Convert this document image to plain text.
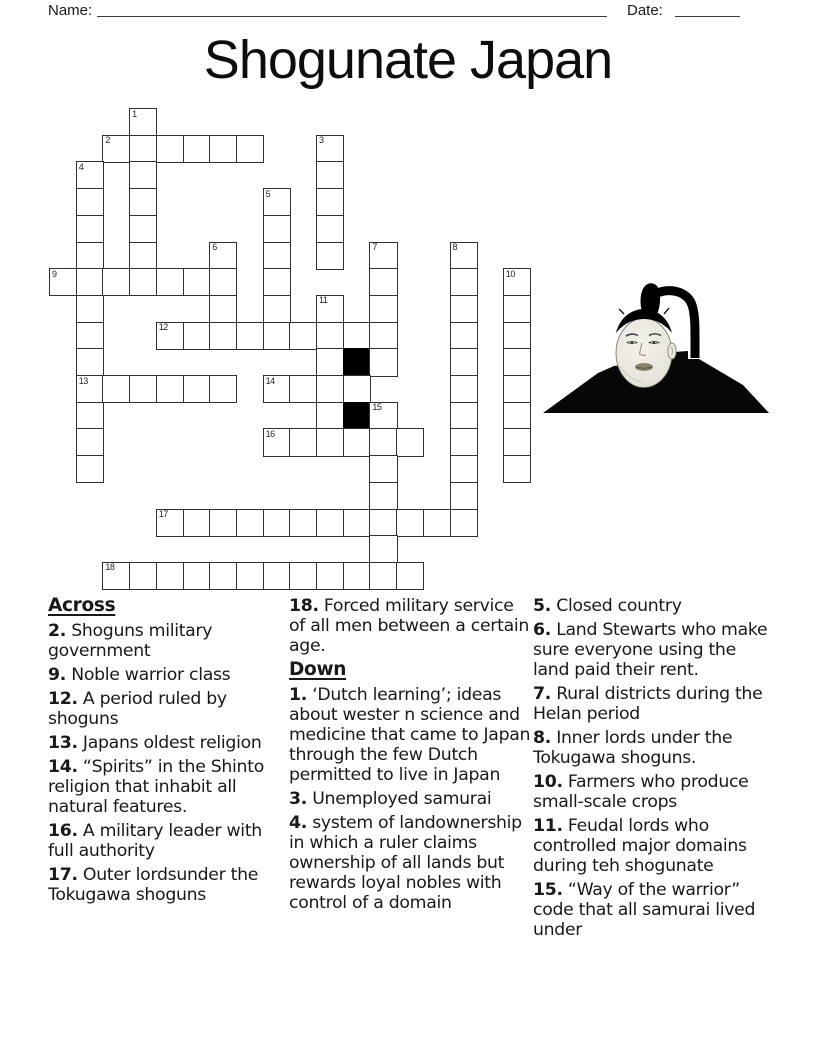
Name:	Date:
Shogunate Japan
1
2	3
4
5
6	7	8
9	10
11
12
13	14
15
16
17
18
Across

2. Shoguns military government

9. Noble warrior class

12. A period ruled by shoguns

13. Japans oldest religion

14. “Spirits” in the Shinto religion that inhabit all natural features.

16. A military leader with full authority

17. Outer lordsunder the Tokugawa shoguns

18. Forced military service of all men between a certain age.

Down

1. ‘Dutch learning’; ideas about wester n science and medicine that came to Japan through the few Dutch permitted to live in Japan

3. Unemployed samurai

4. system of landownership in which a ruler claims ownership of all lands but rewards loyal nobles with control of a domain

5. Closed country

6. Land Stewarts who make sure everyone using the land paid their rent.

7. Rural districts during the Helan period

8. Inner lords under the Tokugawa shoguns.

10. Farmers who produce small-scale crops

11. Feudal lords who controlled major domains during teh shogunate

15. “Way of the warrior” code that all samurai lived under
